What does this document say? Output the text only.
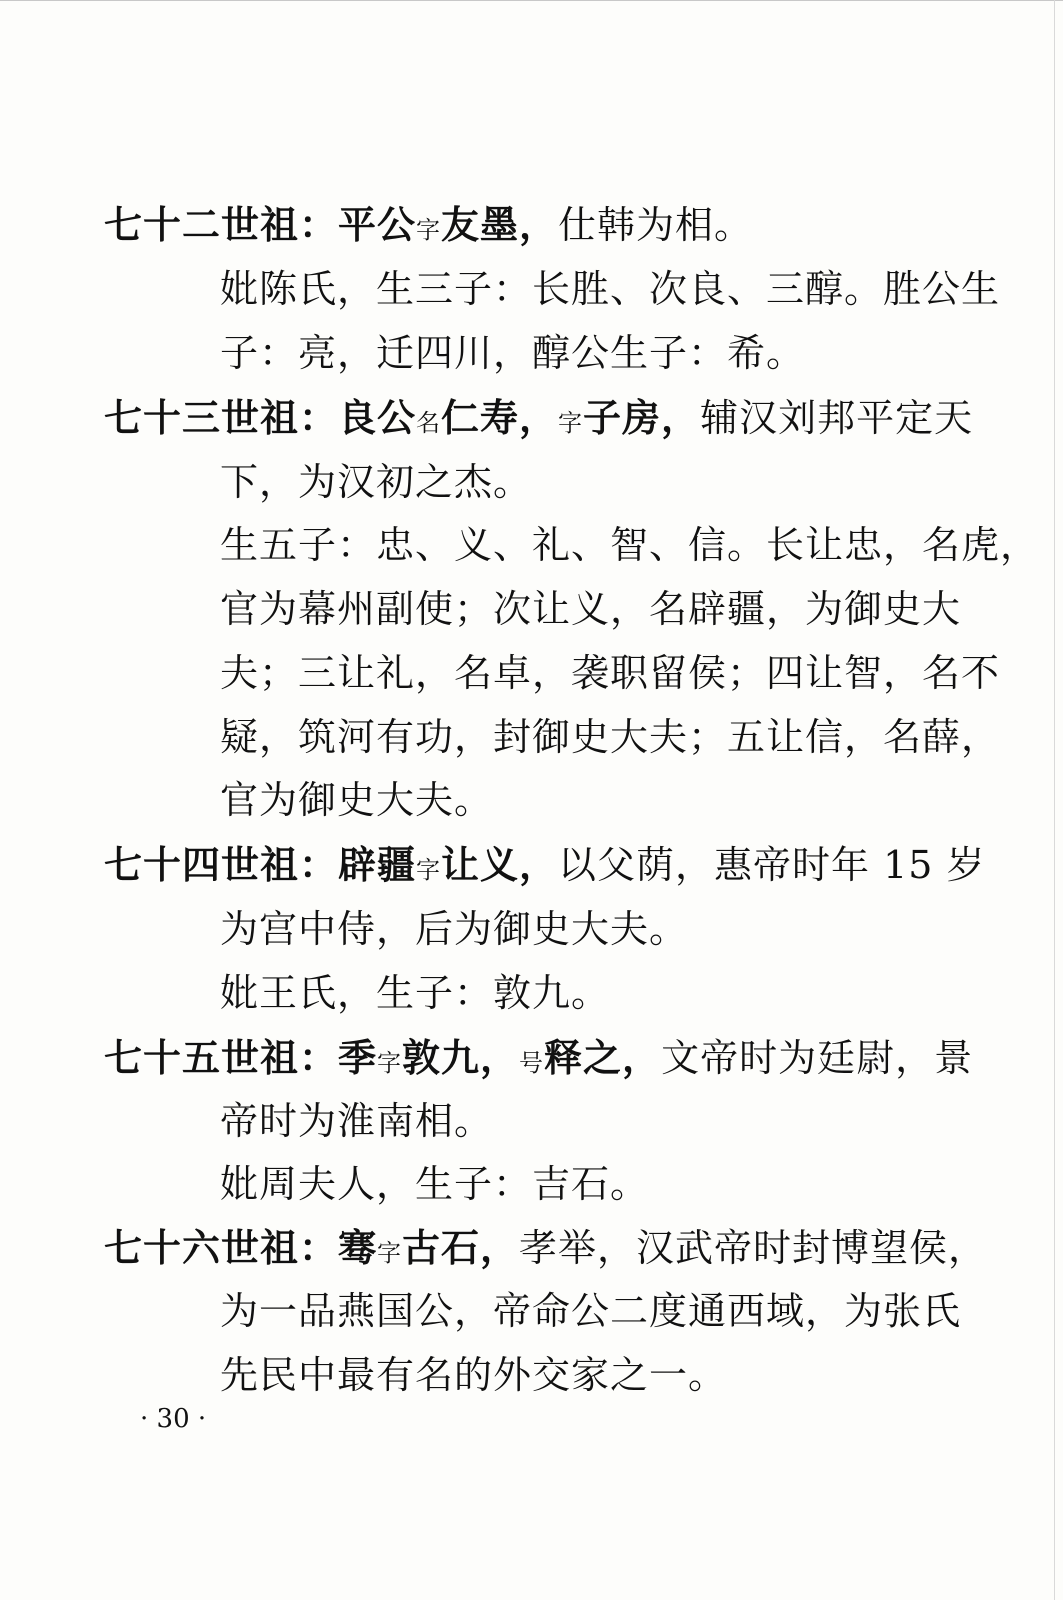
七十二世祖：平公字友墨，仕韩为相。

妣陈氏，生三子：长胜、次良、三醇。胜公生

子：亮，迁四川，醇公生子：希。

七十三世祖：良公名仁寿，字子房，辅汉刘邦平定天

下，为汉初之杰。

生五子：忠、义、礼、智、信。长让忠，名虎，

官为幕州副使；次让义，名辟疆，为御史大

夫；三让礼，名卓，袭职留侯；四让智，名不

疑，筑河有功，封御史大夫；五让信，名薛，

官为御史大夫。

七十四世祖：辟疆字让义，以父荫，惠帝时年 15 岁

为宫中侍，后为御史大夫。

妣王氏，生子：敦九。

七十五世祖：季字敦九，号释之，文帝时为廷尉，景

帝时为淮南相。

妣周夫人，生子：吉石。

七十六世祖：骞字古石，孝举，汉武帝时封博望侯，

为一品燕国公，帝命公二度通西域，为张氏

先民中最有名的外交家之一。

· 30 ·
